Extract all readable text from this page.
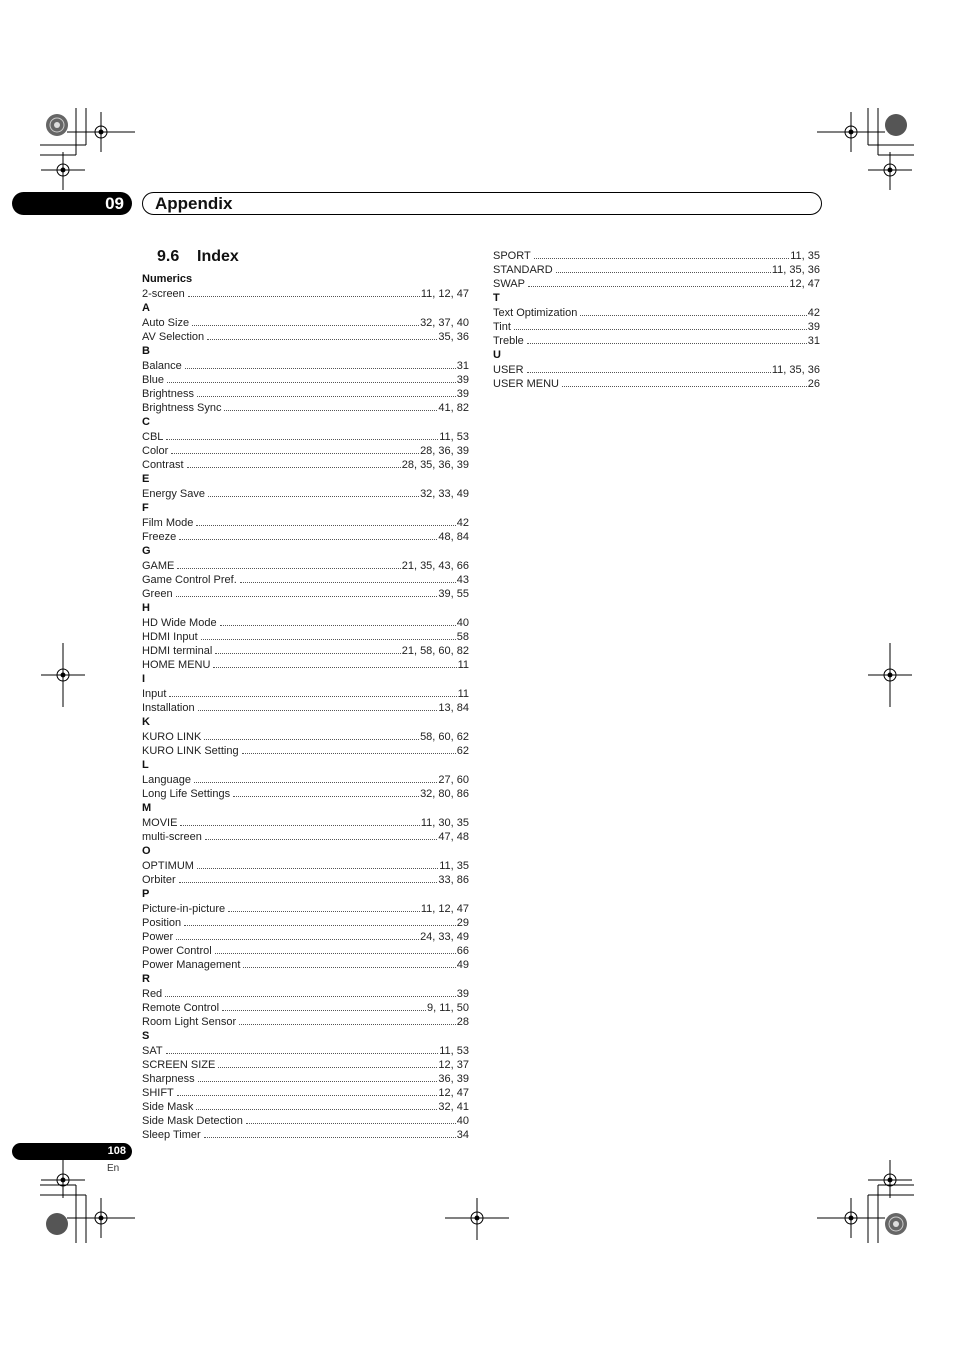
09	Appendix
9.6 Index
Numerics
2-screen	11, 12, 47
A
Auto Size	32, 37, 40
AV Selection	35, 36
B
Balance	31
Blue	39
Brightness	39
Brightness Sync	41, 82
C
CBL	11, 53
Color	28, 36, 39
Contrast	28, 35, 36, 39
E
Energy Save	32, 33, 49
F
Film Mode	42
Freeze	48, 84
G
GAME	21, 35, 43, 66
Game Control Pref.	43
Green	39, 55
H
HD Wide Mode	40
HDMI Input	58
HDMI terminal	21, 58, 60, 82
HOME MENU	11
I
Input	11
Installation	13, 84
K
KURO LINK	58, 60, 62
KURO LINK Setting	62
L
Language	27, 60
Long Life Settings	32, 80, 86
M
MOVIE	11, 30, 35
multi-screen	47, 48
O
OPTIMUM	11, 35
Orbiter	33, 86
P
Picture-in-picture	11, 12, 47
Position	29
Power	24, 33, 49
Power Control	66
Power Management	49
R
Red	39
Remote Control	9, 11, 50
Room Light Sensor	28
S
SAT	11, 53
SCREEN SIZE	12, 37
Sharpness	36, 39
SHIFT	12, 47
Side Mask	32, 41
Side Mask Detection	40
Sleep Timer	34
SPORT	11, 35
STANDARD	11, 35, 36
SWAP	12, 47
T
Text Optimization	42
Tint	39
Treble	31
U
USER	11, 35, 36
USER MENU	26
108
En
